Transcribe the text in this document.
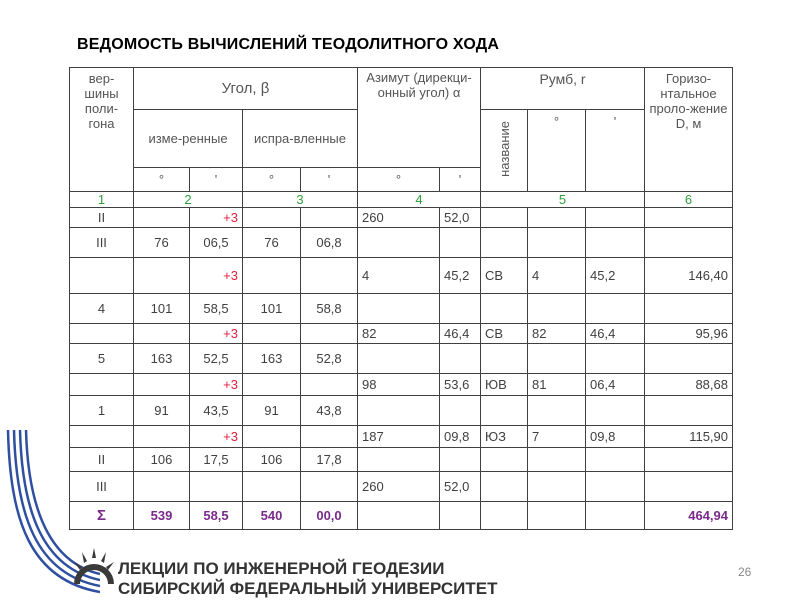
ВЕДОМОСТЬ ВЫЧИСЛЕНИЙ ТЕОДОЛИТНОГО ХОДА
вер-шины поли-гона	Угол, β				Азимут (дирекци-онный угол) α		Румб, r			Горизо-нтальное проло-жение D, м
	изме-ренные		испра-вленные				название	°	'	
	°	'	°	'	°	'				
1	2		3		4		5			6
II		+3			260	52,0				
III	76	06,5	76	06,8						
		+3			4	45,2	СВ	4	45,2	146,40
4	101	58,5	101	58,8						
		+3			82	46,4	СВ	82	46,4	95,96
5	163	52,5	163	52,8						
		+3			98	53,6	ЮВ	81	06,4	88,68
1	91	43,5	91	43,8						
		+3			187	09,8	ЮЗ	7	09,8	115,90
II	106	17,5	106	17,8						
III					260	52,0				
Σ	539	58,5	540	00,0						464,94
ЛЕКЦИИ ПО ИНЖЕНЕРНОЙ ГЕОДЕЗИИ
СИБИРСКИЙ ФЕДЕРАЛЬНЫЙ УНИВЕРСИТЕТ
26
